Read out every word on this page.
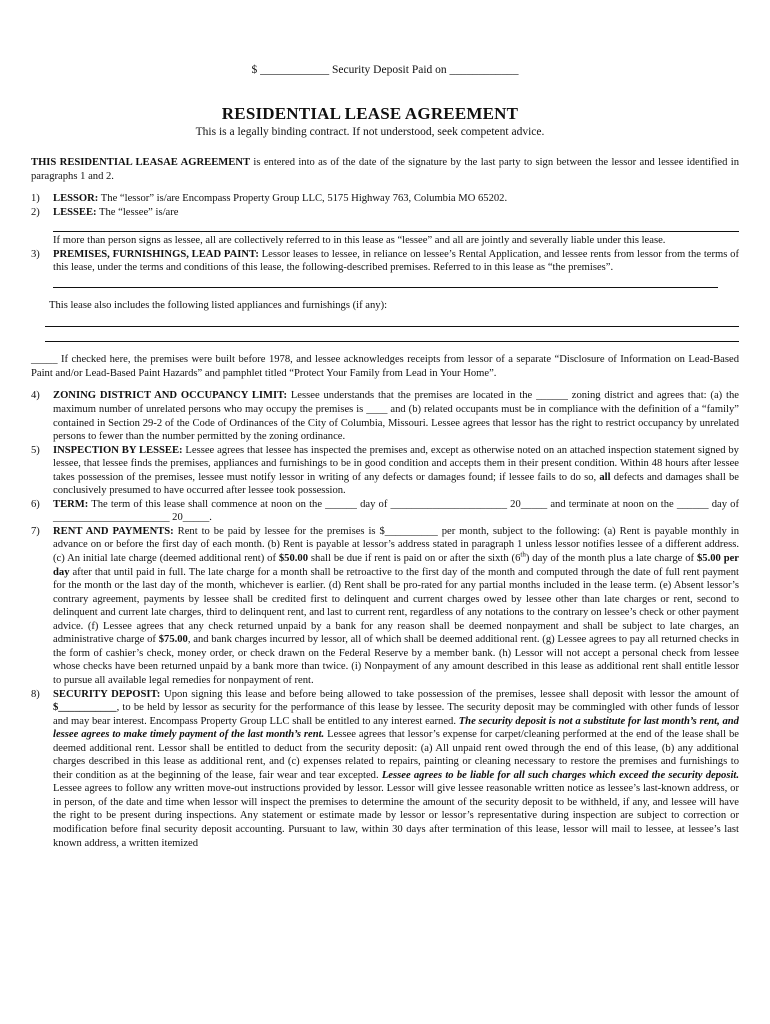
$ ____________ Security Deposit Paid on ____________
RESIDENTIAL LEASE AGREEMENT
This is a legally binding contract. If not understood, seek competent advice.

THIS RESIDENTIAL LEASAE AGREEMENT is entered into as of the date of the signature by the last party to sign between the lessor and lessee identified in paragraphs 1 and 2.

1)	LESSOR: The “lessor” is/are Encompass Property Group LLC, 5175 Highway 763, Columbia MO 65202.
2)	LESSEE: The “lessee” is/are

If more than person signs as lessee, all are collectively referred to in this lease as “lessee” and all are jointly and severally liable under this lease.

3)	PREMISES, FURNISHINGS, LEAD PAINT: Lessor leases to lessee, in reliance on lessee’s Rental Application, and lessee rents from lessor from the terms of this lease, under the terms and conditions of this lease, the following-described premises. Referred to in this lease as “the premises”.

This lease also includes the following listed appliances and furnishings (if any):

_____ If checked here, the premises were built before 1978, and lessee acknowledges receipts from lessor of a separate “Disclosure of Information on Lead-Based Paint and/or Lead-Based Paint Hazards” and pamphlet titled “Protect Your Family from Lead in Your Home”.

4)	ZONING DISTRICT AND OCCUPANCY LIMIT: Lessee understands that the premises are located in the ______ zoning district and agrees that: (a) the maximum number of unrelated persons who may occupy the premises is ____ and (b) related occupants must be in compliance with the definition of a “family” contained in Section 29-2 of the Code of Ordinances of the City of Columbia, Missouri. Lessee agrees that lessor has the right to restrict occupancy by unrelated persons to fewer than the number permitted by the zoning ordinance.
5)	INSPECTION BY LESSEE: Lessee agrees that lessee has inspected the premises and, except as otherwise noted on an attached inspection statement signed by lessee, that lessee finds the premises, appliances and furnishings to be in good condition and accepts them in their present condition. Within 48 hours after lessee takes possession of the premises, lessee must notify lessor in writing of any defects or damages found; if lessee fails to do so, all defects and damages shall be conclusively presumed to have occurred after lessee took possession.
6)	TERM: The term of this lease shall commence at noon on the ______ day of ______________________ 20_____ and terminate at noon on the ______ day of ______________________ 20_____.
7)	RENT AND PAYMENTS: Rent to be paid by lessee for the premises is $__________ per month, subject to the following: (a) Rent is payable monthly in advance on or before the first day of each month. (b) Rent is payable at lessor’s address stated in paragraph 1 unless lessor notifies lessee of a different address. (c) An initial late charge (deemed additional rent) of $50.00 shall be due if rent is paid on or after the sixth (6th) day of the month plus a late charge of $5.00 per day after that until paid in full. The late charge for a month shall be retroactive to the first day of the month and computed through the date of full rent payment for the month or the last day of the month, whichever is earlier. (d) Rent shall be pro-rated for any partial months included in the lease term. (e) Absent lessor’s contrary agreement, payments by lessee shall be credited first to delinquent and current charges owed by lessee other than late charges or rent, second to delinquent and current late charges, third to delinquent rent, and last to current rent, regardless of any notations to the contrary on lessee’s check or other payment advice. (f) Lessee agrees that any check returned unpaid by a bank for any reason shall be deemed nonpayment and shall be subject to late charges, an administrative charge of $75.00, and bank charges incurred by lessor, all of which shall be deemed additional rent. (g) Lessee agrees to pay all returned checks in the form of cashier’s check, money order, or check drawn on the Federal Reserve by a member bank. (h) Lessor will not accept a personal check from lessee whose checks have been returned unpaid by a bank more than twice. (i) Nonpayment of any amount described in this lease as additional rent shall entitle lessor to pursue all available legal remedies for nonpayment of rent.
8)	SECURITY DEPOSIT: Upon signing this lease and before being allowed to take possession of the premises, lessee shall deposit with lessor the amount of $___________, to be held by lessor as security for the performance of this lease by lessee. The security deposit may be commingled with other funds of lessor and may bear interest. Encompass Property Group LLC shall be entitled to any interest earned. The security deposit is not a substitute for last month’s rent, and lessee agrees to make timely payment of the last month’s rent. Lessee agrees that lessor’s expense for carpet/cleaning performed at the end of the lease shall be deemed additional rent. Lessor shall be entitled to deduct from the security deposit: (a) All unpaid rent owed through the end of this lease, (b) any additional charges described in this lease as additional rent, and (c) expenses related to repairs, painting or cleaning necessary to restore the premises and furnishings to their condition as at the beginning of the lease, fair wear and tear excepted. Lessee agrees to be liable for all such charges which exceed the security deposit. Lessee agrees to follow any written move-out instructions provided by lessor. Lessor will give lessee reasonable written notice as lessee’s last-known address, or in person, of the date and time when lessor will inspect the premises to determine the amount of the security deposit to be withheld, if any, and lessee will have the right to be present during inspections. Any statement or estimate made by lessor or lessor’s representative during inspection are subject to correction or modification before final security deposit accounting. Pursuant to law, within 30 days after termination of this lease, lessor will mail to lessee, at lessee’s last known address, a written itemized
